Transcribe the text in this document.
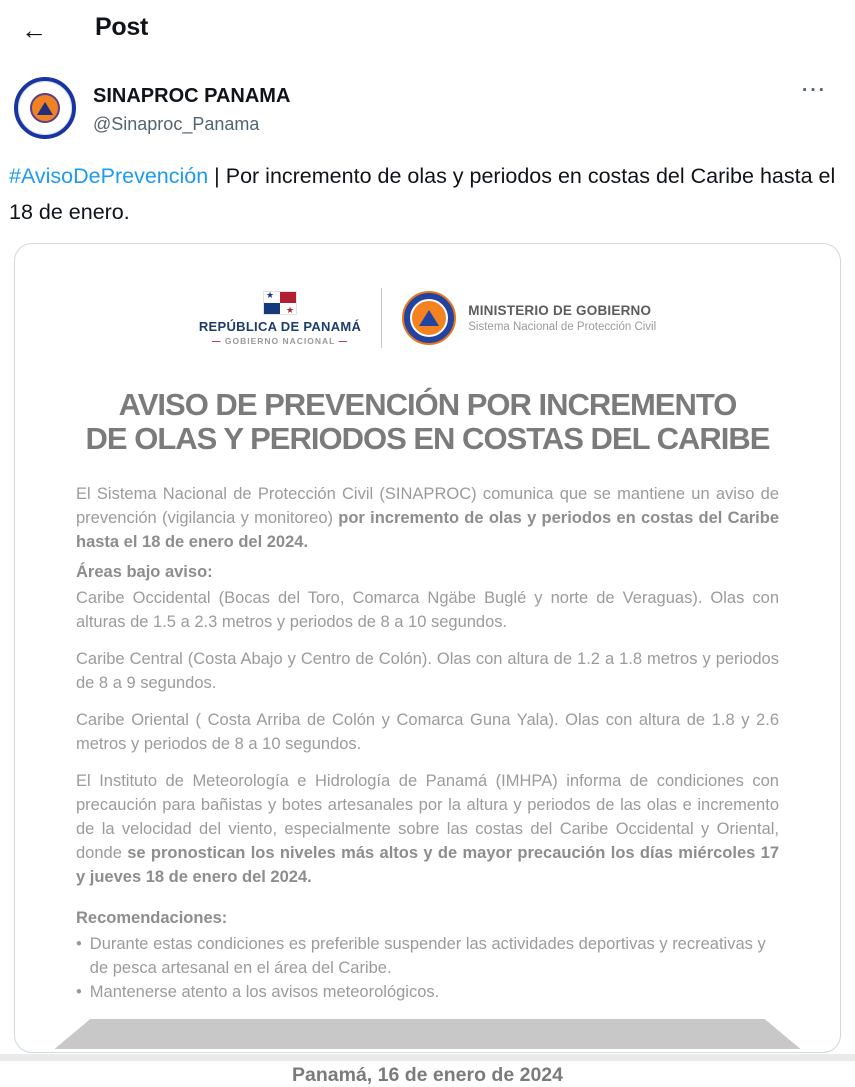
← Post
SINAPROC PANAMA
@Sinaproc_Panama
···
#AvisoDePrevención | Por incremento de olas y periodos en costas del Caribe hasta el 18 de enero.
★
★
REPÚBLICA DE PANAMÁ
— GOBIERNO NACIONAL —
MINISTERIO DE GOBIERNO
Sistema Nacional de Protección Civil
AVISO DE PREVENCIÓN POR INCREMENTO
DE OLAS Y PERIODOS EN COSTAS DEL CARIBE

El Sistema Nacional de Protección Civil (SINAPROC) comunica que se mantiene un aviso de prevención (vigilancia y monitoreo) por incremento de olas y periodos en costas del Caribe hasta el 18 de enero del 2024.

Áreas bajo aviso:

Caribe Occidental (Bocas del Toro, Comarca Ngäbe Buglé y norte de Veraguas). Olas con alturas de 1.5 a 2.3 metros y periodos de 8 a 10 segundos.

Caribe Central (Costa Abajo y Centro de Colón). Olas con altura de 1.2 a 1.8 metros y periodos de 8 a 9 segundos.

Caribe Oriental ( Costa Arriba de Colón y Comarca Guna Yala). Olas con altura de 1.8 y 2.6 metros y periodos de 8 a 10 segundos.

El Instituto de Meteorología e Hidrología de Panamá (IMHPA) informa de condiciones con precaución para bañistas y botes artesanales por la altura y periodos de las olas e incremento de la velocidad del viento, especialmente sobre las costas del Caribe Occidental y Oriental, donde se pronostican los niveles más altos y de mayor precaución los días miércoles 17 y jueves 18 de enero del 2024.

Recomendaciones:
• Durante estas condiciones es preferible suspender las actividades deportivas y recreativas y de pesca artesanal en el área del Caribe.
• Mantenerse atento a los avisos meteorológicos.
Panamá, 16 de enero de 2024
